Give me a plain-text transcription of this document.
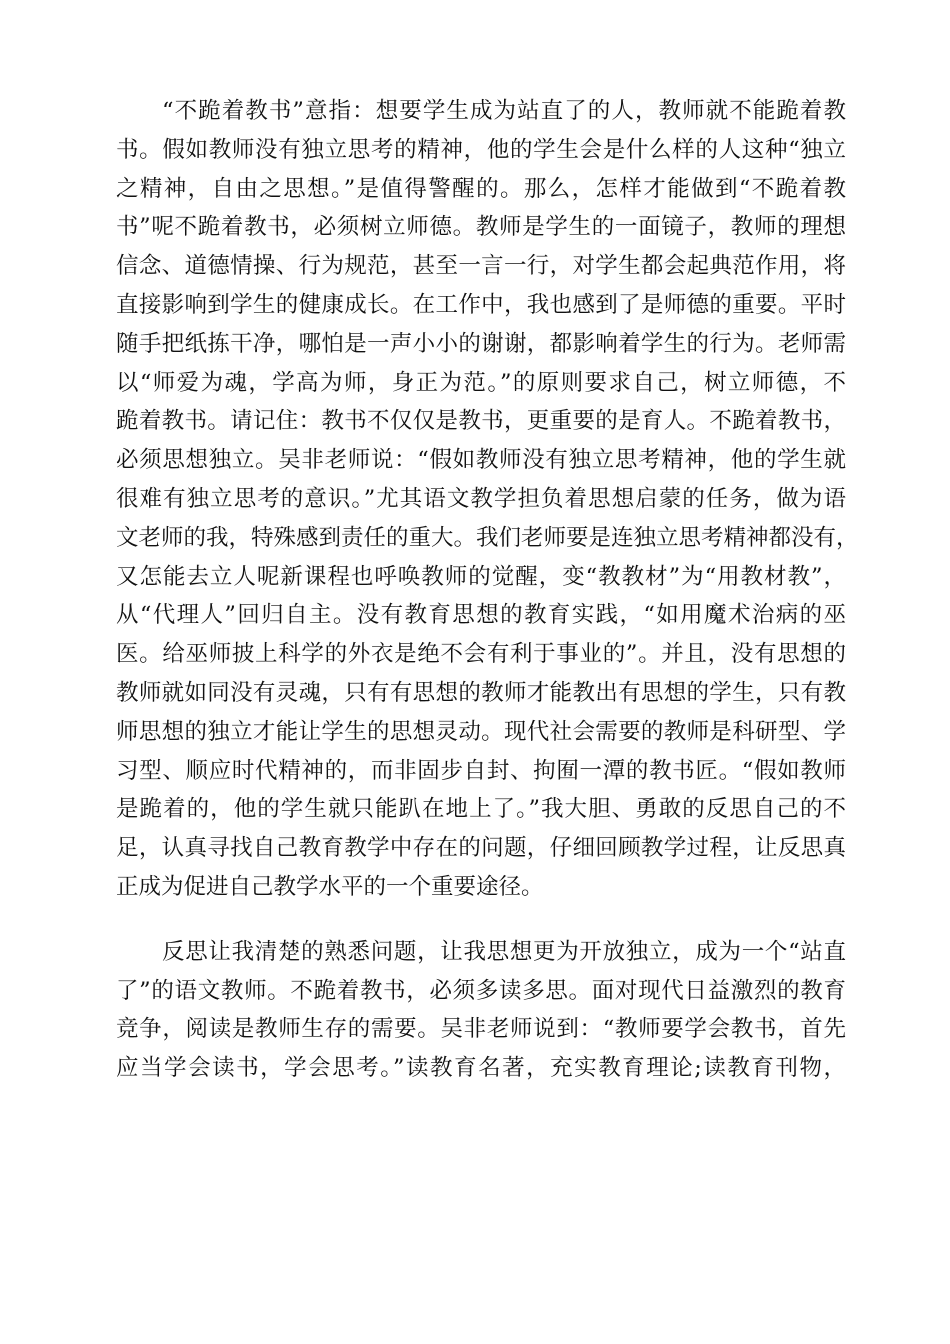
“不跪着教书”意指：想要学生成为站直了的人，教师就不能跪着教
书。假如教师没有独立思考的精神，他的学生会是什么样的人这种“独立
之精神，自由之思想。”是值得警醒的。那么，怎样才能做到“不跪着教
书”呢不跪着教书，必须树立师德。教师是学生的一面镜子，教师的理想
信念、道德情操、行为规范，甚至一言一行，对学生都会起典范作用，将
直接影响到学生的健康成长。在工作中，我也感到了是师德的重要。平时
随手把纸拣干净，哪怕是一声小小的谢谢，都影响着学生的行为。老师需
以“师爱为魂，学高为师，身正为范。”的原则要求自己，树立师德，不
跪着教书。请记住：教书不仅仅是教书，更重要的是育人。不跪着教书，
必须思想独立。吴非老师说：“假如教师没有独立思考精神，他的学生就
很难有独立思考的意识。”尤其语文教学担负着思想启蒙的任务，做为语
文老师的我，特殊感到责任的重大。我们老师要是连独立思考精神都没有，
又怎能去立人呢新课程也呼唤教师的觉醒，变“教教材”为“用教材教”，
从“代理人”回归自主。没有教育思想的教育实践，“如用魔术治病的巫
医。给巫师披上科学的外衣是绝不会有利于事业的”。并且，没有思想的
教师就如同没有灵魂，只有有思想的教师才能教出有思想的学生，只有教
师思想的独立才能让学生的思想灵动。现代社会需要的教师是科研型、学
习型、顺应时代精神的，而非固步自封、拘囿一潭的教书匠。“假如教师
是跪着的，他的学生就只能趴在地上了。”我大胆、勇敢的反思自己的不
足，认真寻找自己教育教学中存在的问题，仔细回顾教学过程，让反思真
正成为促进自己教学水平的一个重要途径。

反思让我清楚的熟悉问题，让我思想更为开放独立，成为一个“站直
了”的语文教师。不跪着教书，必须多读多思。面对现代日益激烈的教育
竞争，阅读是教师生存的需要。吴非老师说到：“教师要学会教书，首先
应当学会读书，学会思考。”读教育名著，充实教育理论;读教育刊物，
